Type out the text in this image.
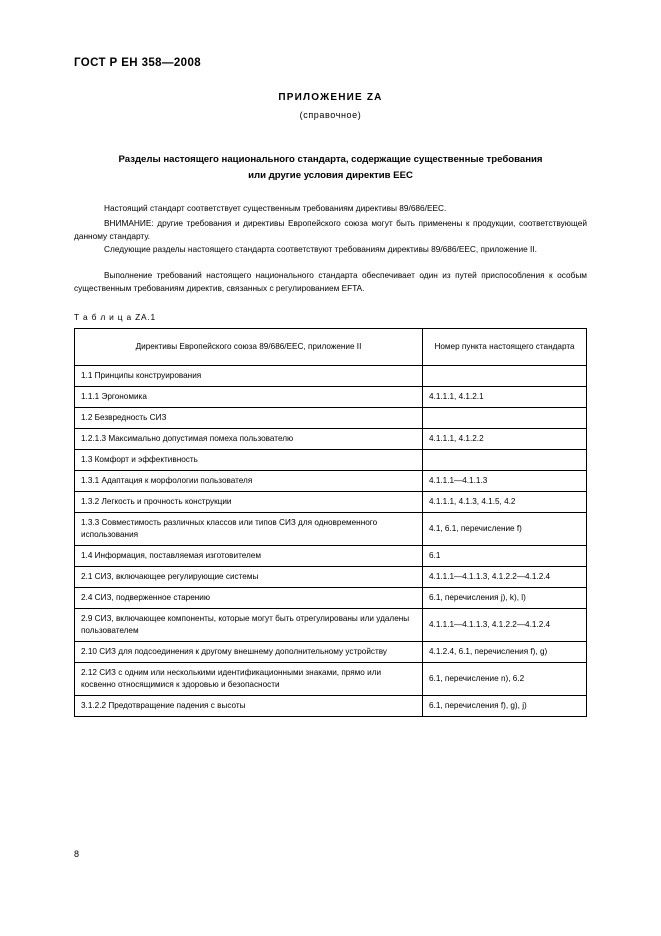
ГОСТ Р ЕН 358—2008
ПРИЛОЖЕНИЕ ZA
(справочное)
Разделы настоящего национального стандарта, содержащие существенные требования
или другие условия директив ЕЕС
Настоящий стандарт соответствует существенным требованиям директивы 89/686/ЕЕС.
ВНИМАНИЕ: другие требования и директивы Европейского союза могут быть применены к продукции, соответствующей данному стандарту.
Следующие разделы настоящего стандарта соответствуют требованиям директивы 89/686/ЕЕС, приложение II.
Выполнение требований настоящего национального стандарта обеспечивает один из путей приспособления к особым существенным требованиям директив, связанных с регулированием EFTA.
Т а б л и ц а ZA.1
Директивы Европейского союза 89/686/ЕЕС, приложение II	Номер пункта настоящего стандарта
1.1 Принципы конструирования	
1.1.1 Эргономика	4.1.1.1, 4.1.2.1
1.2 Безвредность СИЗ	
1.2.1.3 Максимально допустимая помеха пользователю	4.1.1.1, 4.1.2.2
1.3 Комфорт и эффективность	
1.3.1 Адаптация к морфологии пользователя	4.1.1.1—4.1.1.3
1.3.2 Легкость и прочность конструкции	4.1.1.1, 4.1.3, 4.1.5, 4.2
1.3.3 Совместимость различных классов или типов СИЗ для одновременного использования	4.1, 6.1, перечисление f)
1.4 Информация, поставляемая изготовителем	6.1
2.1 СИЗ, включающее регулирующие системы	4.1.1.1—4.1.1.3, 4.1.2.2—4.1.2.4
2.4 СИЗ, подверженное старению	6.1, перечисления j), k), l)
2.9 СИЗ, включающее компоненты, которые могут быть отрегулированы или удалены пользователем	4.1.1.1—4.1.1.3, 4.1.2.2—4.1.2.4
2.10 СИЗ для подсоединения к другому внешнему дополнительному устройству	4.1.2.4, 6.1, перечисления f), g)
2.12 СИЗ с одним или несколькими идентификационными знаками, прямо или косвенно относящимися к здоровью и безопасности	6.1, перечисление n), 6.2
3.1.2.2 Предотвращение падения с высоты	6.1, перечисления f), g), j)
8
